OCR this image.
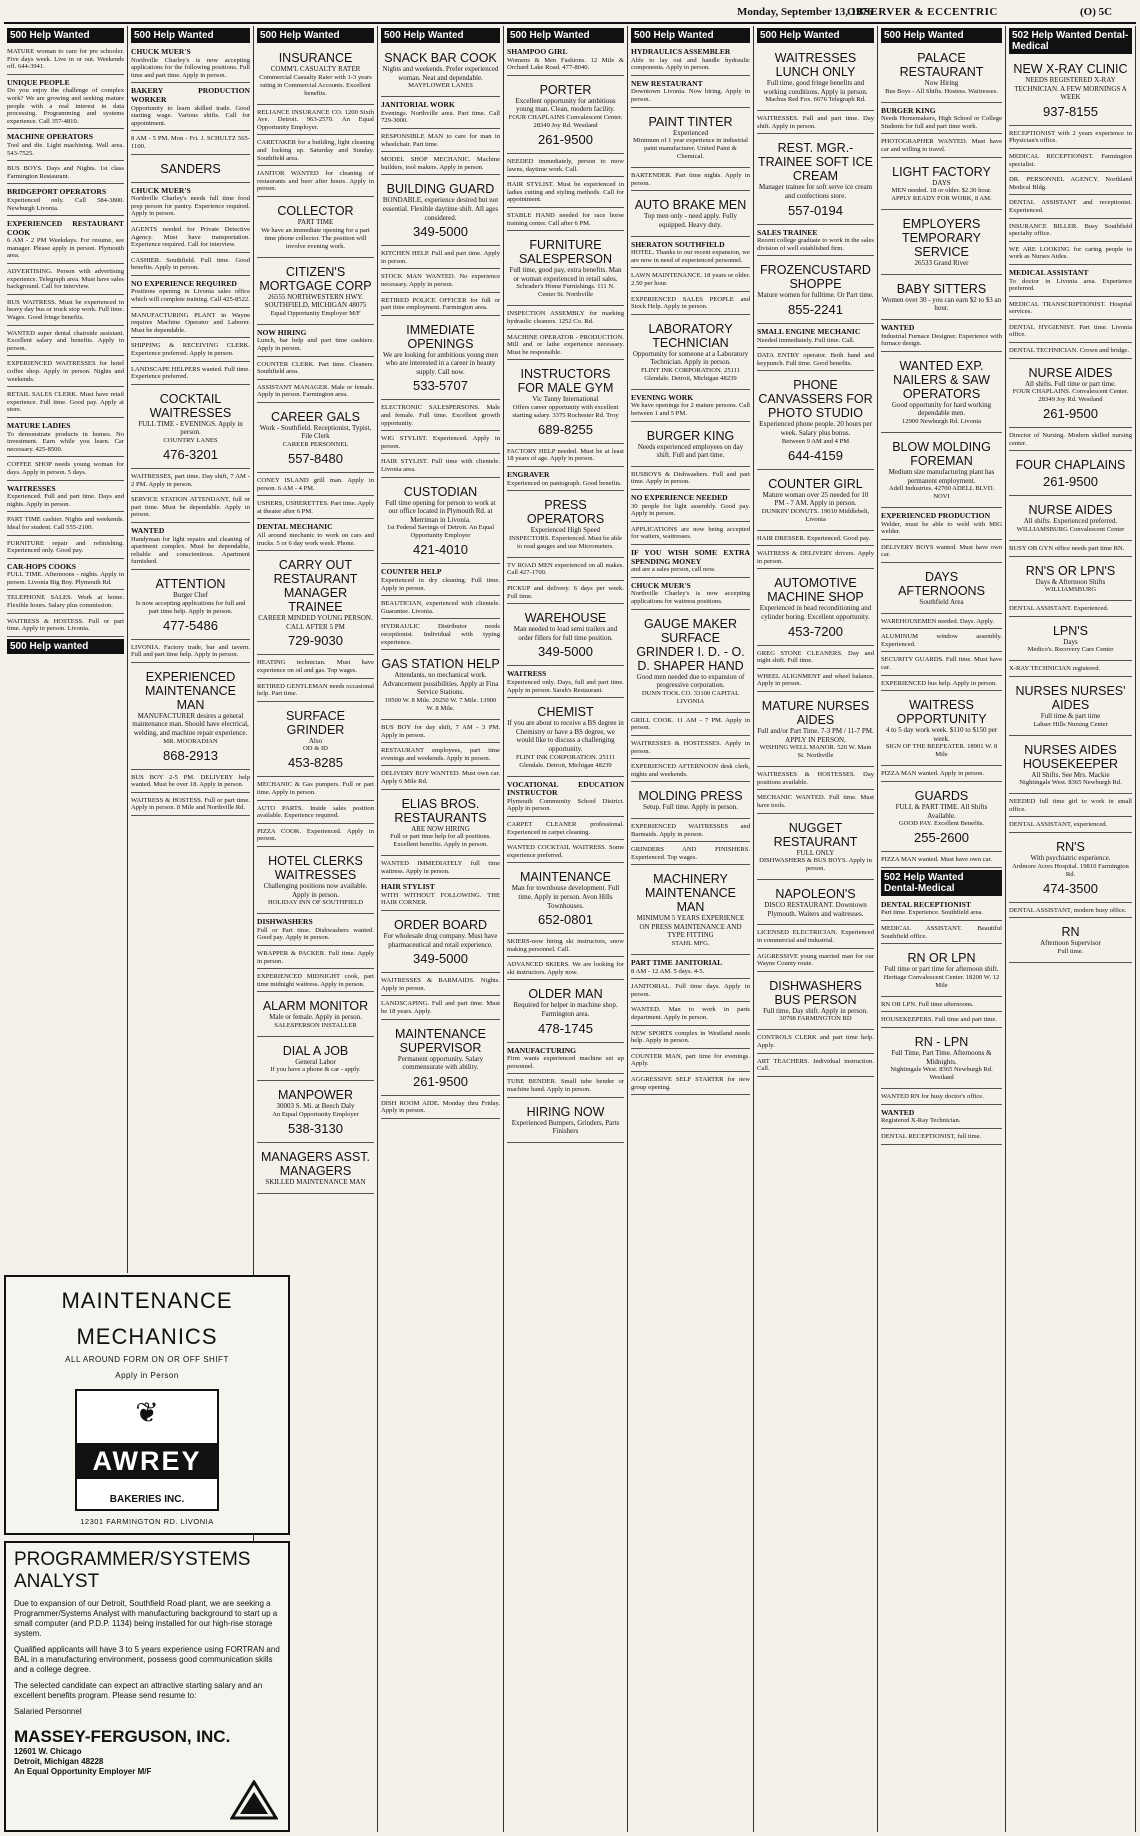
Monday, September 13, 1976
OBSERVER & ECCENTRIC	(O) 5C
500 Help Wanted
MATURE woman to care for pre schooler. Five days week. Live in or out. Weekends off. 644-3941.
UNIQUE PEOPLE
Do you enjoy the challenge of complex work? We are growing and seeking mature people with a real interest in data processing. Programming and systems experience. Call 357-4810.
MACHINE OPERATORS
Tool and die. Light machining. Wall area. 543-7525.
BUS BOYS. Days and Nights. 1st class Farmington Restaurant.
BRIDGEPORT OPERATORS
Experienced only. Call 584-3800. Newburgh Livonia.
EXPERIENCED RESTAURANT COOK
6 AM - 2 PM Weekdays. For resume, see manager. Please apply in person. Plymouth area.
ADVERTISING. Person with advertising experience. Telegraph area. Must have sales background. Call for interview.
BUS WAITRESS. Must be experienced in heavy day bus or truck stop work. Full time. Wages. Good fringe benefits.
WANTED super dental chairside assistant. Excellent salary and benefits. Apply in person.
EXPERIENCED WAITRESSES for hotel coffee shop. Apply in person. Nights and weekends.
RETAIL SALES CLERK. Must have retail experience. Full time. Good pay. Apply at store.
MATURE LADIES
To demonstrate products in homes. No investment. Earn while you learn. Car necessary. 425-8500.
COFFEE SHOP needs young woman for days. Apply in person. 5 days.
WAITRESSES
Experienced. Full and part time. Days and nights. Apply in person.
PART TIME cashier. Nights and weekends. Ideal for student. Call 555-2100.
FURNITURE repair and refinishing. Experienced only. Good pay.
CAR-HOPS COOKS
FULL TIME. Afternoons - nights. Apply in person. Livonia Big Boy. Plymouth Rd.
TELEPHONE SALES. Work at home. Flexible hours. Salary plus commission.
WAITRESS & HOSTESS. Full or part time. Apply in person. Livonia.
500 Help wanted
500 Help Wanted
CHUCK MUER'S
Northville Charley's is now accepting applications for the following positions. Full time and part time. Apply in person.
BAKERY PRODUCTION WORKER
Opportunity to learn skilled trade. Good starting wage. Various shifts. Call for appointment.
8 AM - 5 PM. Mon - Fri. J. SCHULTZ 565-1100.
SANDERS
CHUCK MUER'S
Northville Charley's needs full time food prep person for pantry. Experience required. Apply in person.
AGENTS needed for Private Detective Agency. Must have transportation. Experience required. Call for interview.
CASHIER. Southfield. Full time. Good benefits. Apply in person.
NO EXPERIENCE REQUIRED
Positions opening in Livonia sales office which will complete training. Call 425-8522.
MANUFACTURING PLANT in Wayne requires Machine Operator and Laborer. Must be dependable.
SHIPPING & RECEIVING CLERK. Experience preferred. Apply in person.
LANDSCAPE HELPERS wanted. Full time. Experience preferred.
COCKTAIL WAITRESSES
FULL TIME - EVENINGS. Apply in person.
COUNTRY LANES
476-3201
WAITRESSES, part time. Day shift, 7 AM - 2 PM. Apply in person.
SERVICE STATION ATTENDANT, full or part time. Must be dependable. Apply in person.
WANTED
Handyman for light repairs and cleaning of apartment complex. Must be dependable, reliable and conscientious. Apartment furnished.
ATTENTION
Burger Chef
Is now accepting applications for full and part time help. Apply in person.
477-5486
LIVONIA. Factory trade, bar and tavern. Full and part time help. Apply in person.
EXPERIENCED MAINTENANCE MAN
MANUFACTURER desires a general maintenance man. Should have electrical, welding, and machine repair experience.
MR. MOORADIAN
868-2913
BUS BOY 2-5 PM. DELIVERY help wanted. Must be over 18. Apply in person.
WAITRESS & HOSTESS. Full or part time. Apply in person. 8 Mile and Northville Rd.
500 Help Wanted
INSURANCE
COMM'L CASUALTY RATER
Commercial Casualty Rater with 1-3 years rating in Commercial Accounts. Excellent benefits.
RELIANCE INSURANCE CO. 1200 Sixth Ave. Detroit. 963-2570. An Equal Opportunity Employer.
CARETAKER for a building, light cleaning and locking up. Saturday and Sunday. Southfield area.
JANITOR WANTED for cleaning of restaurants and beer after hours. Apply in person.
COLLECTOR
PART TIME
We have an immediate opening for a part time phone collector. The position will involve evening work.
CITIZEN'S MORTGAGE CORP
26555 NORTHWESTERN HWY. SOUTHFIELD, MICHIGAN 48075
Equal Opportunity Employer M/F
NOW HIRING
Lunch, bar help and part time cashiers. Apply in person.
COUNTER CLERK. Part time. Cleaners. Southfield area.
ASSISTANT MANAGER. Male or female. Apply in person. Farmington area.
CAREER GALS
Work - Southfield. Receptionist, Typist, File Clerk
CAREER PERSONNEL
557-8480
CONEY ISLAND grill man. Apply in person. 6 AM - 4 PM.
USHERS, USHERETTES. Part time. Apply at theater after 6 PM.
DENTAL MECHANIC
All around mechanic to work on cars and trucks. 5 or 6 day work week. Phone.
CARRY OUT RESTAURANT MANAGER TRAINEE
CAREER MINDED YOUNG PERSON. CALL AFTER 5 PM
729-9030
HEATING technician. Must have experience on oil and gas. Top wages.
RETIRED GENTLEMAN needs occasional help. Part time.
SURFACE GRINDER
Also
OD & ID
453-8285
MECHANIC & Gas pumpers. Full or part time. Apply in person.
AUTO PARTS. Inside sales position available. Experience required.
PIZZA COOK. Experienced. Apply in person.
HOTEL CLERKS WAITRESSES
Challenging positions now available. Apply in person.
HOLIDAY INN OF SOUTHFIELD
DISHWASHERS
Full or Part time. Dishwashers wanted. Good pay. Apply in person.
WRAPPER & PACKER. Full time. Apply in person.
EXPERIENCED MIDNIGHT cook, part time midnight waitress. Apply in person.
ALARM MONITOR
Male or female. Apply in person.
SALESPERSON INSTALLER
DIAL A JOB
General Labor
If you have a phone & car - apply.
MANPOWER
30003 S. Mi. at Beech Daly
An Equal Opportunity Employer
538-3130
MANAGERS ASST. MANAGERS
SKILLED MAINTENANCE MAN
500 Help Wanted
SNACK BAR COOK
Nights and weekends. Prefer experienced woman. Neat and dependable.
MAYFLOWER LANES
JANITORIAL WORK
Evenings. Northville area. Part time. Call 729-3000.
RESPONSIBLE MAN to care for man in wheelchair. Part time.
MODEL SHOP MECHANIC. Machine builders, tool makers. Apply in person.
BUILDING GUARD
BONDABLE, experience desired but not essential. Flexible daytime shift. All ages considered.
349-5000
KITCHEN HELP. Full and part time. Apply in person.
STOCK MAN WANTED. No experience necessary. Apply in person.
RETIRED POLICE OFFICER for full or part time employment. Farmington area.
IMMEDIATE OPENINGS
We are looking for ambitious young men who are interested in a career in beauty supply. Call now.
533-5707
ELECTRONIC SALESPERSONS. Male and female. Full time. Excellent growth opportunity.
WIG STYLIST. Experienced. Apply in person.
HAIR STYLIST. Full time with clientele. Livonia area.
CUSTODIAN
Full time opening for person to work at our office located in Plymouth Rd. at Merriman in Livonia.
1st Federal Savings of Detroit. An Equal Opportunity Employer
421-4010
COUNTER HELP
Experienced in dry cleaning. Full time. Apply in person.
BEAUTICIAN, experienced with clientele. Guarantee. Livonia.
HYDRAULIC Distributor needs receptionist. Individual with typing experience.
GAS STATION HELP
Attendants, no mechanical work. Advancement possibilities. Apply at Fina Service Stations.
19500 W. 8 Mile. 29250 W. 7 Mile. 13900 W. 8 Mile.
BUS BOY for day shift, 7 AM - 3 PM. Apply in person.
RESTAURANT employees, part time evenings and weekends. Apply in person.
DELIVERY BOY WANTED. Must own car. Apply 6 Mile Rd.
ELIAS BROS. RESTAURANTS
ARE NOW HIRING
Full or part time help for all positions. Excellent benefits. Apply in person.
WANTED IMMEDIATELY full time waitress. Apply in person.
HAIR STYLIST
WITH WITHOUT FOLLOWING. THE HAIR CORNER.
ORDER BOARD
For wholesale drug company. Must have pharmaceutical and retail experience.
349-5000
WAITRESSES & BARMAIDS. Nights. Apply in person.
LANDSCAPING. Full and part time. Must be 18 years. Apply.
MAINTENANCE SUPERVISOR
Permanent opportunity. Salary commensurate with ability.
261-9500
DISH ROOM AIDE. Monday thru Friday. Apply in person.
500 Help Wanted
SHAMPOO GIRL
Womens & Men Fashions. 12 Mile & Orchard Lake Road. 477-8040.
PORTER
Excellent opportunity for ambitious young man. Clean, modern facility.
FOUR CHAPLAINS Convalescent Center. 28349 Joy Rd. Westland
261-9500
NEEDED immediately, person to mow lawns, daytime work. Call.
HAIR STYLIST. Must be experienced in ladies cutting and styling methods. Call for appointment.
STABLE HAND needed for race horse training center. Call after 6 PM.
FURNITURE SALESPERSON
Full time, good pay, extra benefits. Man or woman experienced in retail sales.
Schrader's Home Furnishings. 111 N. Center St. Northville
INSPECTION ASSEMBLY for marking hydraulic cleaners. 1252 Co. Rd.
MACHINE OPERATOR - PRODUCTION. Mill and or lathe experience necessary. Must be responsible.
INSTRUCTORS FOR MALE GYM
Vic Tanny International
Offers career opportunity with excellent starting salary. 3375 Rochester Rd. Troy
689-8255
FACTORY HELP needed. Must be at least 18 years of age. Apply in person.
ENGRAVER
Experienced on pantograph. Good benefits.
PRESS OPERATORS
Experienced High Speed
INSPECTORS. Experienced. Must be able to read gauges and use Micrometers.
TV ROAD MEN experienced on all makes. Call 427-1700.
PICKUP and delivery. 6 days per week. Full time.
WAREHOUSE
Man needed to load semi trailers and order fillers for full time position.
349-5000
WAITRESS
Experienced only. Days, full and part time. Apply in person. Sarah's Restaurant.
CHEMIST
If you are about to receive a BS degree in Chemistry or have a BS degree, we would like to discuss a challenging opportunity.
FLINT INK CORPORATION. 25111 Glendale. Detroit, Michigan 48239
VOCATIONAL EDUCATION INSTRUCTOR
Plymouth Community School District. Apply in person.
CARPET CLEANER professional. Experienced in carpet cleaning.
WANTED COCKTAIL WAITRESS. Some experience preferred.
MAINTENANCE
Man for townhouse development. Full time. Apply in person. Avon Hills Townhouses.
652-0801
SKIERS-now hiring ski instructors, snow making personnel. Call.
ADVANCED SKIERS. We are looking for ski instructors. Apply now.
OLDER MAN
Required for helper in machine shop. Farmington area.
478-1745
MANUFACTURING
Firm wants experienced machine set up personnel.
TUBE BENDER. Small tube bender or machine hand. Apply in person.
HIRING NOW
Experienced Bumpers, Grinders, Parts Finishers
500 Help Wanted
HYDRAULICS ASSEMBLER
Able to lay out and handle hydraulic components. Apply in person.
NEW RESTAURANT
Downtown Livonia. Now hiring. Apply in person.
PAINT TINTER
Experienced
Minimum of 1 year experience in industrial paint manufacturer. United Paint & Chemical.
BARTENDER. Part time nights. Apply in person.
AUTO BRAKE MEN
Top men only - need apply. Fully equipped. Heavy duty.
SHERATON SOUTHFIELD
HOTEL. Thanks to our recent expansion, we are now in need of experienced personnel.
LAWN MAINTENANCE. 18 years or older. 2.50 per hour.
EXPERIENCED SALES PEOPLE and Stock Help. Apply in person.
LABORATORY TECHNICIAN
Opportunity for someone at a Laboratory Technician. Apply in person.
FLINT INK CORPORATION. 25111 Glendale. Detroit, Michigan 48239
EVENING WORK
We have openings for 2 mature persons. Call between 1 and 5 PM.
BURGER KING
Needs experienced employees on day shift. Full and part time.
BUSBOYS & Dishwashers. Full and part time. Apply in person.
NO EXPERIENCE NEEDED
30 people for light assembly. Good pay. Apply in person.
APPLICATIONS are now being accepted for waiters, waitresses.
IF YOU WISH SOME EXTRA SPENDING MONEY
and are a sales person, call now.
CHUCK MUER'S
Northville Charley's is now accepting applications for waitress positions.
GAUGE MAKER SURFACE GRINDER I. D. - O. D. SHAPER HAND
Good men needed due to expansion of progressive corporation.
DUNN TOOL CO. 33100 CAPITAL LIVONIA
GRILL COOK. 11 AM - 7 PM. Apply in person.
WAITRESSES & HOSTESSES. Apply in person.
EXPERIENCED AFTERNOON desk clerk, nights and weekends.
MOLDING PRESS
Setup. Full time. Apply in person.
EXPERIENCED WAITRESSES and Barmaids. Apply in person.
GRINDERS AND FINISHERS. Experienced. Top wages.
MACHINERY MAINTENANCE MAN
MINIMUM 5 YEARS EXPERIENCE ON PRESS MAINTENANCE AND TYPE FITTING
STAHL MFG.
PART TIME JANITORIAL
8 AM - 12 AM. 5 days. 4-5.
JANITORIAL. Full time days. Apply in person.
WANTED. Man to work in parts department. Apply in person.
NEW SPORTS complex in Westland needs help. Apply in person.
COUNTER MAN, part time for evenings. Apply.
AGGRESSIVE SELF STARTER for new group opening.
500 Help Wanted
WAITRESSES LUNCH ONLY
Full time, good fringe benefits and working conditions. Apply in person.
Machus Red Fox. 6676 Telegraph Rd.
WAITRESSES. Full and part time. Day shift. Apply in person.
REST. MGR.-TRAINEE SOFT ICE CREAM
Manager trainee for soft serve ice cream and confections store.
557-0194
SALES TRAINEE
Recent college graduate to work in the sales division of well established firm.
FROZENCUSTARD SHOPPE
Mature women for fulltime. Or Part time.
855-2241
SMALL ENGINE MECHANIC
Needed immediately. Full time. Call.
DATA ENTRY operator. Both hand and keypunch. Full time. Good benefits.
PHONE CANVASSERS FOR PHOTO STUDIO
Experienced phone people. 20 hours per week. Salary plus bonus.
Between 9 AM and 4 PM
644-4159
COUNTER GIRL
Mature woman over 25 needed for 10 PM - 7 AM. Apply in person.
DUNKIN' DONUTS. 19010 Middlebelt, Livonia
HAIR DRESSER. Experienced. Good pay.
WAITRESS & DELIVERY drivers. Apply in person.
AUTOMOTIVE MACHINE SHOP
Experienced in head reconditioning and cylinder boring. Excellent opportunity.
453-7200
GREG STONE CLEANERS. Day and night shift. Full time.
WHEEL ALIGNMENT and wheel balance. Apply in person.
MATURE NURSES AIDES
Full and/or Part Time. 7-3 PM / 11-7 PM. APPLY IN PERSON.
WISHING WELL MANOR. 520 W. Main St. Northville
WAITRESSES & HOSTESSES. Day positions available.
MECHANIC WANTED. Full time. Must have tools.
NUGGET RESTAURANT
FULL ONLY
DISHWASHERS & BUS BOYS. Apply in person.
NAPOLEON'S
DISCO RESTAURANT. Downtown Plymouth. Waiters and waitresses.
LICENSED ELECTRICIAN. Experienced in commercial and industrial.
AGGRESSIVE young married man for our Wayne County route.
DISHWASHERS BUS PERSON
Full time, Day shift. Apply in person.
30798 FARMINGTON RD
CONTROLS CLERK and part time help. Apply.
ART TEACHERS. Individual instruction. Call.
500 Help Wanted
PALACE RESTAURANT
Now Hiring
Bus Boys - All Shifts. Hostess. Waitresses.
BURGER KING
Needs Homemakers, High School or College Students for full and part time work.
PHOTOGRAPHER WANTED. Must have car and willing to travel.
LIGHT FACTORY
DAYS
MEN needed. 18 or older. $2.30 hour. APPLY READY FOR WORK, 8 AM.
EMPLOYERS TEMPORARY SERVICE
26533 Grand River
BABY SITTERS
Women over 30 - you can earn $2 to $3 an hour.
WANTED
Industrial Furnace Designer. Experience with furnace design.
WANTED EXP. NAILERS & SAW OPERATORS
Good opportunity for hard working dependable men.
12900 Newburgh Rd. Livonia
BLOW MOLDING FOREMAN
Medium size manufacturing plant has permanent employment.
Adell Industries. 42700 ADELL BLVD. NOVI
EXPERIENCED PRODUCTION
Welder, must be able to weld with MIG welder.
DELIVERY BOYS wanted. Must have own car.
DAYS AFTERNOONS
Southfield Area
WAREHOUSEMEN needed. Days. Apply.
ALUMINUM window assembly. Experienced.
SECURITY GUARDS. Full time. Must have car.
EXPERIENCED bus help. Apply in person.
WAITRESS OPPORTUNITY
4 to 5 day work week. $110 to $150 per week.
SIGN OF THE BEEFEATER. 18901 W. 8 Mile
PIZZA MAN wanted. Apply in person.
GUARDS
FULL & PART TIME. All Shifts Available.
GOOD PAY. Excellent Benefits.
255-2600
PIZZA MAN wanted. Must have own car.
502 Help Wanted Dental-Medical
DENTAL RECEPTIONIST
Part time. Experience. Southfield area.
MEDICAL ASSISTANT. Beautiful Southfield office.
RN OR LPN
Full time or part time for afternoon shift.
Heritage Convalescent Center. 18200 W. 12 Mile
RN OR LPN. Full time afternoons.
HOUSEKEEPERS. Full time and part time.
RN - LPN
Full Time, Part Time. Afternoons & Midnights.
Nightingale West. 8365 Newburgh Rd. Westland
WANTED RN for busy doctor's office.
WANTED
Registered X-Ray Technician.
DENTAL RECEPTIONIST, full time.
502 Help Wanted Dental-Medical
NEW X-RAY CLINIC
NEEDS REGISTERED X-RAY TECHNICIAN. A FEW MORNINGS A WEEK
937-8155
RECEPTIONIST with 2 years experience in Physician's office.
MEDICAL RECEPTIONIST. Farmington specialist.
DR. PERSONNEL AGENCY. Northland Medical Bldg.
DENTAL ASSISTANT and receptionist. Experienced.
INSURANCE BILLER. Busy Southfield specialty office.
WE ARE LOOKING for caring people to work as Nurses Aides.
MEDICAL ASSISTANT
To doctor in Livonia area. Experience preferred.
MEDICAL TRANSCRIPTIONIST. Hospital services.
DENTAL HYGIENIST. Part time. Livonia office.
DENTAL TECHNICIAN. Crown and bridge.
NURSE AIDES
All shifts. Full time or part time.
FOUR CHAPLAINS. Convalescent Center. 28349 Joy Rd. Westland
261-9500
Director of Nursing. Modern skilled nursing center.
FOUR CHAPLAINS
261-9500
NURSE AIDES
All shifts. Experienced preferred.
WILLIAMSBURG Convalescent Center
BUSY OB GYN office needs part time RN.
RN'S OR LPN'S
Days & Afternoon Shifts
WILLIAMSBURG
DENTAL ASSISTANT. Experienced.
LPN'S
Days
Medico's. Recovery Care Center
X-RAY TECHNICIAN registered.
NURSES NURSES' AIDES
Full time & part time
Lahser Hills Nursing Center
NURSES AIDES HOUSEKEEPER
All Shifts. See Mrs. Mackie
Nightingale West. 8365 Newburgh Rd.
NEEDED full time girl to work in small office.
DENTAL ASSISTANT, experienced.
RN'S
With psychiatric experience.
Ardmore Acres Hospital. 19810 Farmington Rd.
474-3500
DENTAL ASSISTANT, modern busy office.
RN
Afternoon Supervisor
Full time.
MAINTENANCE
MECHANICS
ALL AROUND FORM ON OR OFF SHIFT
Apply in Person
❦
AWREY
BAKERIES INC.
12301 FARMINGTON RD. LIVONIA
PROGRAMMER/SYSTEMS ANALYST

Due to expansion of our Detroit, Southfield Road plant, we are seeking a Programmer/Systems Analyst with manufacturing background to start up a small computer (and P.D.P. 1134) being installed for our high-rise storage system.

Qualified applicants will have 3 to 5 years experience using FORTRAN and BAL in a manufacturing environment, possess good communication skills and a college degree.

The selected candidate can expect an attractive starting salary and an excellent benefits program. Please send resume to:

Salaried Personnel

MASSEY-FERGUSON, INC.
12601 W. Chicago
Detroit, Michigan 48228
An Equal Opportunity Employer M/F
